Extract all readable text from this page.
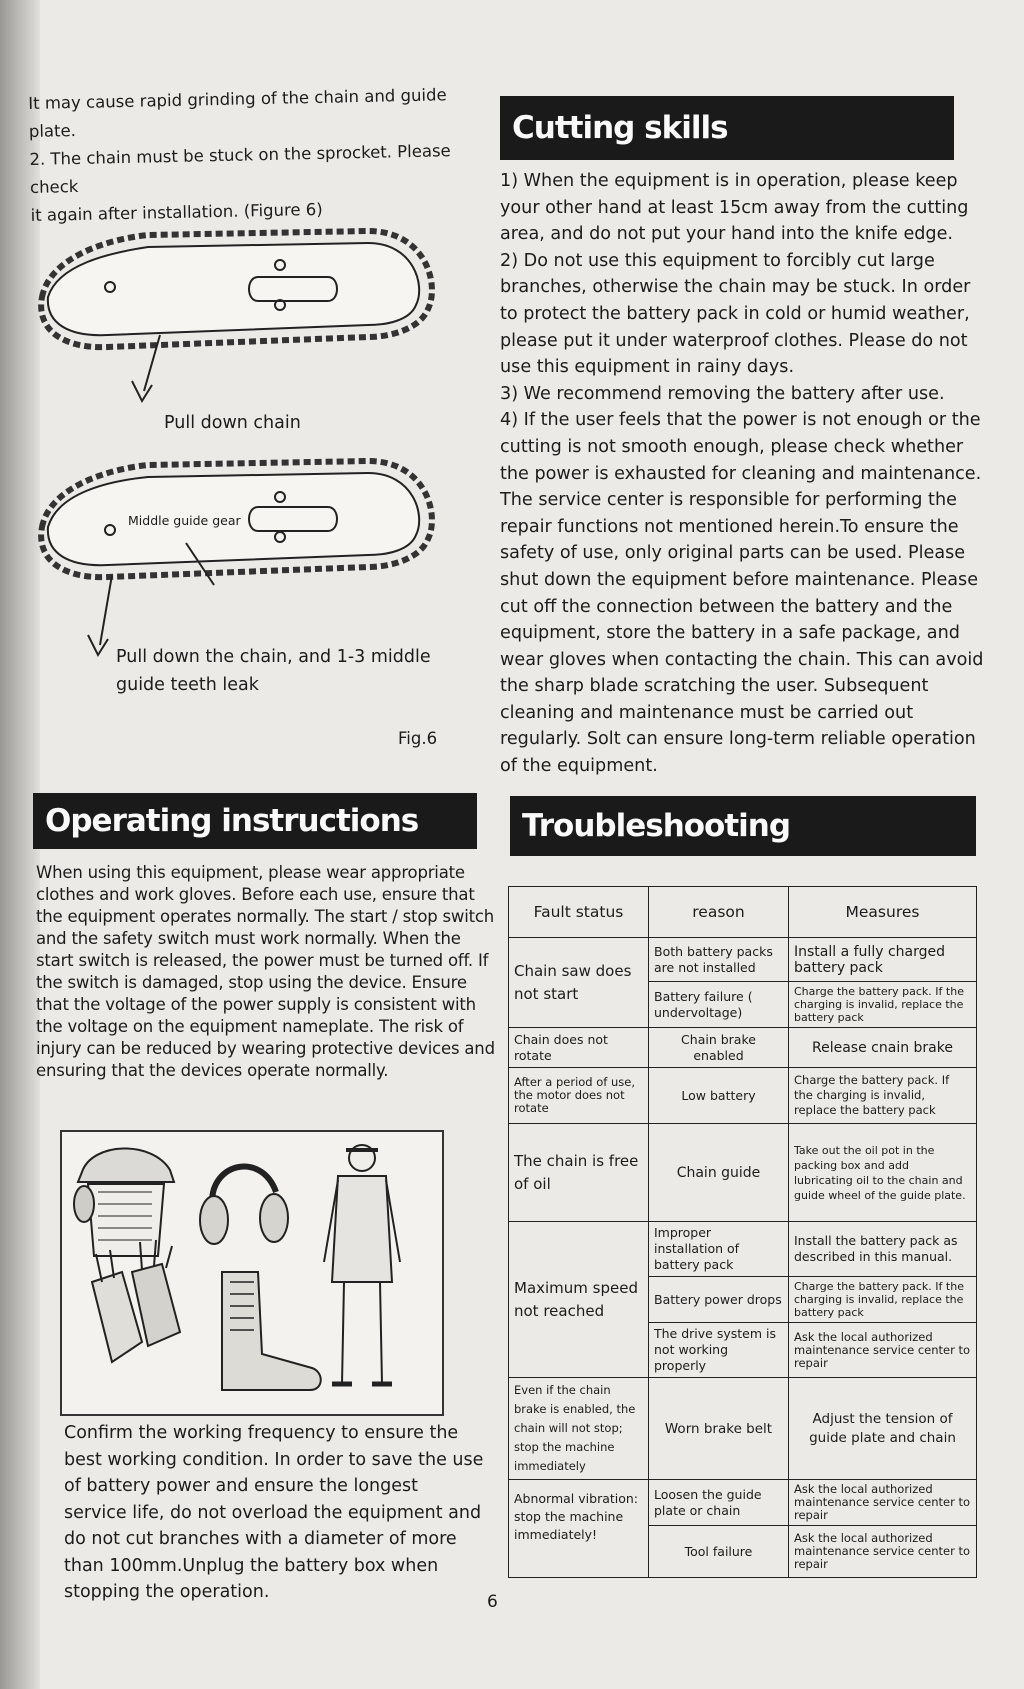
It may cause rapid grinding of the chain and guide plate.

2. The chain must be stuck on the sprocket. Please check

it again after installation. (Figure 6)

Pull down chain
Middle guide gear
Pull down the chain, and 1-3 middle
guide teeth leak
Fig.6
Cutting skills

1) When the equipment is in operation, please keep your other hand at least 15cm away from the cutting area, and do not put your hand into the knife edge.

2) Do not use this equipment to forcibly cut large branches, otherwise the chain may be stuck. In order to protect the battery pack in cold or humid weather, please put it under waterproof clothes. Please do not use this equipment in rainy days.

3) We recommend removing the battery after use.

4) If the user feels that the power is not enough or the cutting is not smooth enough, please check whether the power is exhausted for cleaning and maintenance. The service center is responsible for performing the repair functions not mentioned herein.To ensure the safety of use, only original parts can be used. Please shut down the equipment before maintenance. Please cut off the connection between the battery and the equipment, store the battery in a safe package, and wear gloves when contacting the chain. This can avoid the sharp blade scratching the user. Subsequent cleaning and maintenance must be carried out regularly. Solt can ensure long-term reliable operation of the equipment.

Operating instructions
When using this equipment, please wear appropriate clothes and work gloves. Before each use, ensure that the equipment operates normally. The start / stop switch and the safety switch must work normally. When the start switch is released, the power must be turned off. If the switch is damaged, stop using the device. Ensure that the voltage of the power supply is consistent with the voltage on the equipment nameplate. The risk of injury can be reduced by wearing protective devices and ensuring that the devices operate normally.
Confirm the working frequency to ensure the best working condition. In order to save the use of battery power and ensure the longest service life, do not overload the equipment and do not cut branches with a diameter of more than 100mm.Unplug the battery box when stopping the operation.
Troubleshooting
Fault status	reason	Measures
Chain saw does not start	Both battery packs are not installed	Install a fully charged battery pack
	Battery failure ( undervoltage)	Charge the battery pack. If the charging is invalid, replace the battery pack
Chain does not rotate	Chain brake enabled	Release cnain brake
After a period of use, the motor does not rotate	Low battery	Charge the battery pack. If the charging is invalid, replace the battery pack
The chain is free of oil	Chain guide	Take out the oil pot in the packing box and add lubricating oil to the chain and guide wheel of the guide plate.
Maximum speed not reached	Improper installation of battery pack	Install the battery pack as described in this manual.
	Battery power drops	Charge the battery pack. If the charging is invalid, replace the battery pack
	The drive system is not working properly	Ask the local authorized maintenance service center to repair
Even if the chain brake is enabled, the chain will not stop; stop the machine immediately	Worn brake belt	Adjust the tension of guide plate and chain
Abnormal vibration: stop the machine immediately!	Loosen the guide plate or chain	Ask the local authorized maintenance service center to repair
	Tool failure	Ask the local authorized maintenance service center to repair
6
